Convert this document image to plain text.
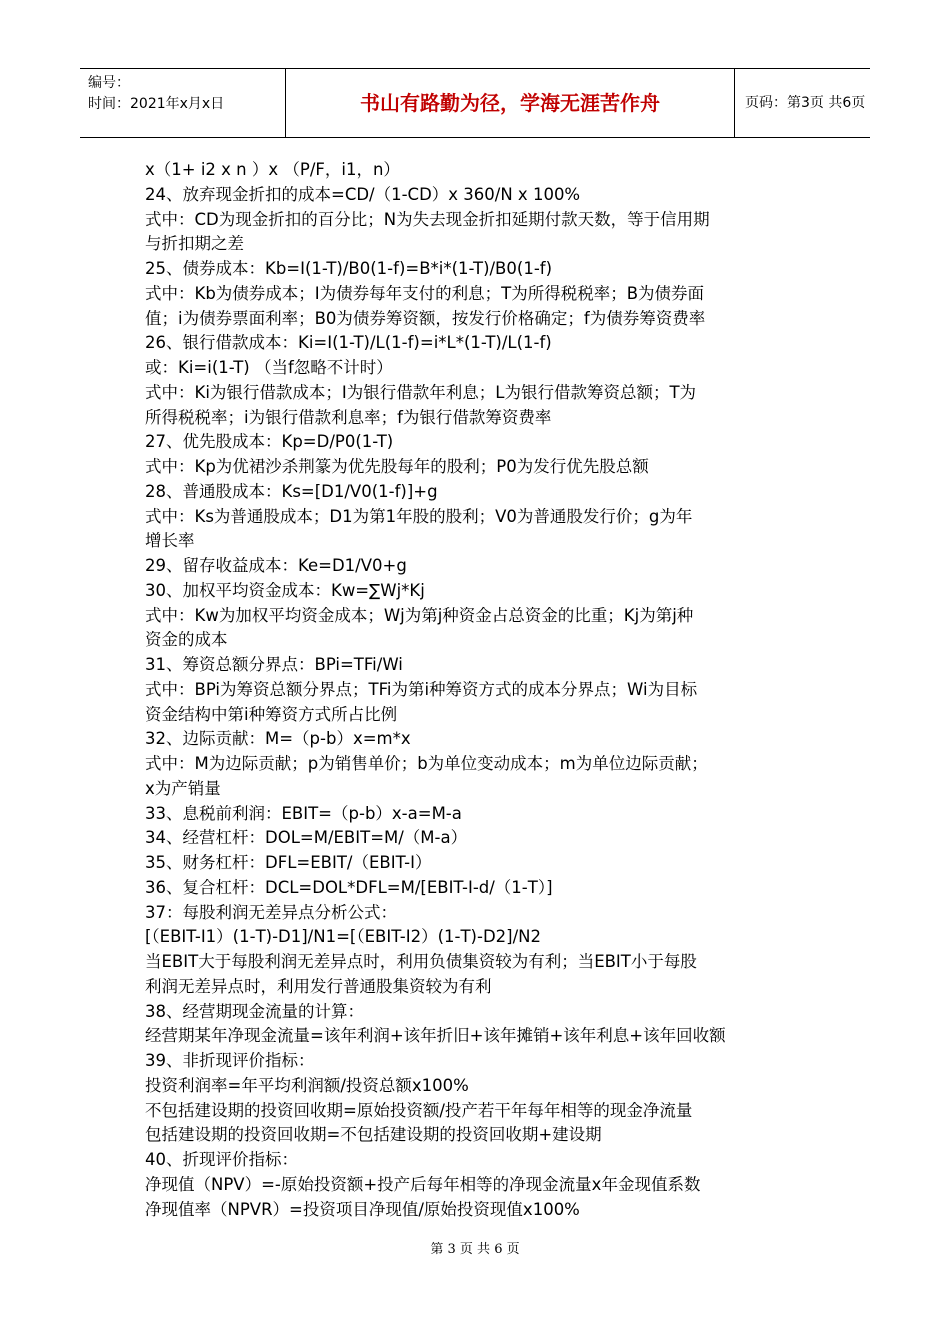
编号：
时间：2021年x月x日	书山有路勤为径，学海无涯苦作舟	页码：第3页 共6页
x（1+ i2 x n ）x （P/F，i1，n）
24、放弃现金折扣的成本=CD/（1-CD）x 360/N x 100%
式中：CD为现金折扣的百分比；N为失去现金折扣延期付款天数，等于信用期
与折扣期之差
25、债券成本：Kb=I(1-T)/B0(1-f)=B*i*(1-T)/B0(1-f)
式中：Kb为债券成本；I为债券每年支付的利息；T为所得税税率；B为债券面
值；i为债券票面利率；B0为债券筹资额，按发行价格确定；f为债券筹资费率
26、银行借款成本：Ki=I(1-T)/L(1-f)=i*L*(1-T)/L(1-f)
或：Ki=i(1-T) （当f忽略不计时）
式中：Ki为银行借款成本；I为银行借款年利息；L为银行借款筹资总额；T为
所得税税率；i为银行借款利息率；f为银行借款筹资费率
27、优先股成本：Kp=D/P0(1-T)
式中：Kp为优裙沙杀荆篆为优先股每年的股利；P0为发行优先股总额
28、普通股成本：Ks=[D1/V0(1-f)]+g
式中：Ks为普通股成本；D1为第1年股的股利；V0为普通股发行价；g为年
增长率
29、留存收益成本：Ke=D1/V0+g
30、加权平均资金成本：Kw=∑Wj*Kj
式中：Kw为加权平均资金成本；Wj为第j种资金占总资金的比重；Kj为第j种
资金的成本
31、筹资总额分界点：BPi=TFi/Wi
式中：BPi为筹资总额分界点；TFi为第i种筹资方式的成本分界点；Wi为目标
资金结构中第i种筹资方式所占比例
32、边际贡献：M=（p-b）x=m*x
式中：M为边际贡献；p为销售单价；b为单位变动成本；m为单位边际贡献；
x为产销量
33、息税前利润：EBIT=（p-b）x-a=M-a
34、经营杠杆：DOL=M/EBIT=M/（M-a）
35、财务杠杆：DFL=EBIT/（EBIT-I）
36、复合杠杆：DCL=DOL*DFL=M/[EBIT-I-d/（1-T）]
37：每股利润无差异点分析公式：
[（EBIT-I1）(1-T)-D1]/N1=[（EBIT-I2）(1-T)-D2]/N2
当EBIT大于每股利润无差异点时，利用负债集资较为有利；当EBIT小于每股
利润无差异点时，利用发行普通股集资较为有利
38、经营期现金流量的计算：
经营期某年净现金流量=该年利润+该年折旧+该年摊销+该年利息+该年回收额
39、非折现评价指标：
投资利润率=年平均利润额/投资总额x100%
不包括建设期的投资回收期=原始投资额/投产若干年每年相等的现金净流量
包括建设期的投资回收期=不包括建设期的投资回收期+建设期
40、折现评价指标：
净现值（NPV）=-原始投资额+投产后每年相等的净现金流量x年金现值系数
净现值率（NPVR）=投资项目净现值/原始投资现值x100%
第 3 页 共 6 页
